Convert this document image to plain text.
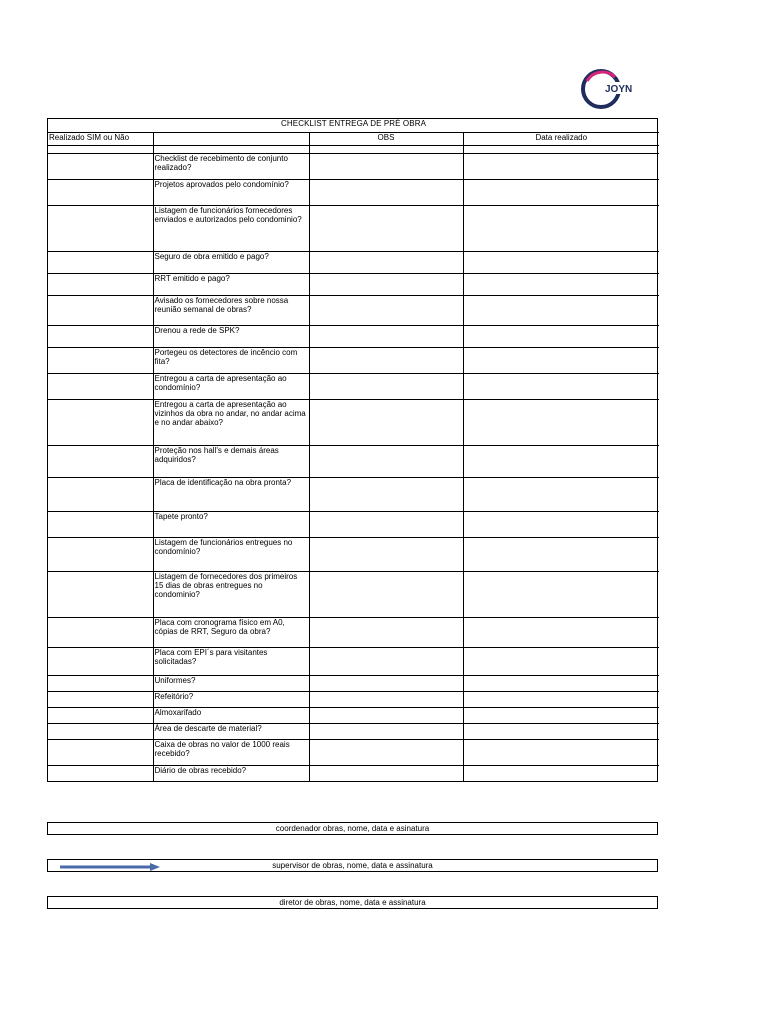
JOYN
CHECKLIST ENTREGA DE PRÉ OBRA			
Realizado SIM ou Não		OBS	Data realizado

	Checklist de recebimento de conjunto realizado?		
	Projetos aprovados pelo condomínio?		
	Listagem de funcionários fornecedores enviados e autorizados pelo condominio?		
	Seguro de obra emitido e pago?		
	RRT emitido e pago?		
	Avisado os fornecedores sobre nossa reunião semanal de obras?		
	Drenou a rede de SPK?		
	Portegeu os detectores de incêncio com fita?		
	Entregou a carta de apresentação ao condomínio?		
	Entregou a carta de apresentação ao vizinhos da obra no andar, no andar acima e no andar abaixo?		
	Proteção nos hall's e demais áreas adquiridos?		
	Placa de identificação na obra pronta?		
	Tapete pronto?		
	Listagem de funcionários entregues no condomínio?		
	Listagem de fornecedores dos primeiros 15 dias de obras entregues no condominio?		
	Placa com cronograma físico em A0, cópias de RRT, Seguro da obra?		
	Placa com EPI´s para visitantes solicitadas?		
	Uniformes?		
	Refeitório?		
	Almoxarifado		
	Área de descarte de material?		
	Caixa de obras no valor de 1000 reais recebido?		
	Diário de obras recebido?		
coordenador obras, nome, data e asinatura
supervisor de obras, nome, data e assinatura
diretor de obras, nome, data e assinatura
